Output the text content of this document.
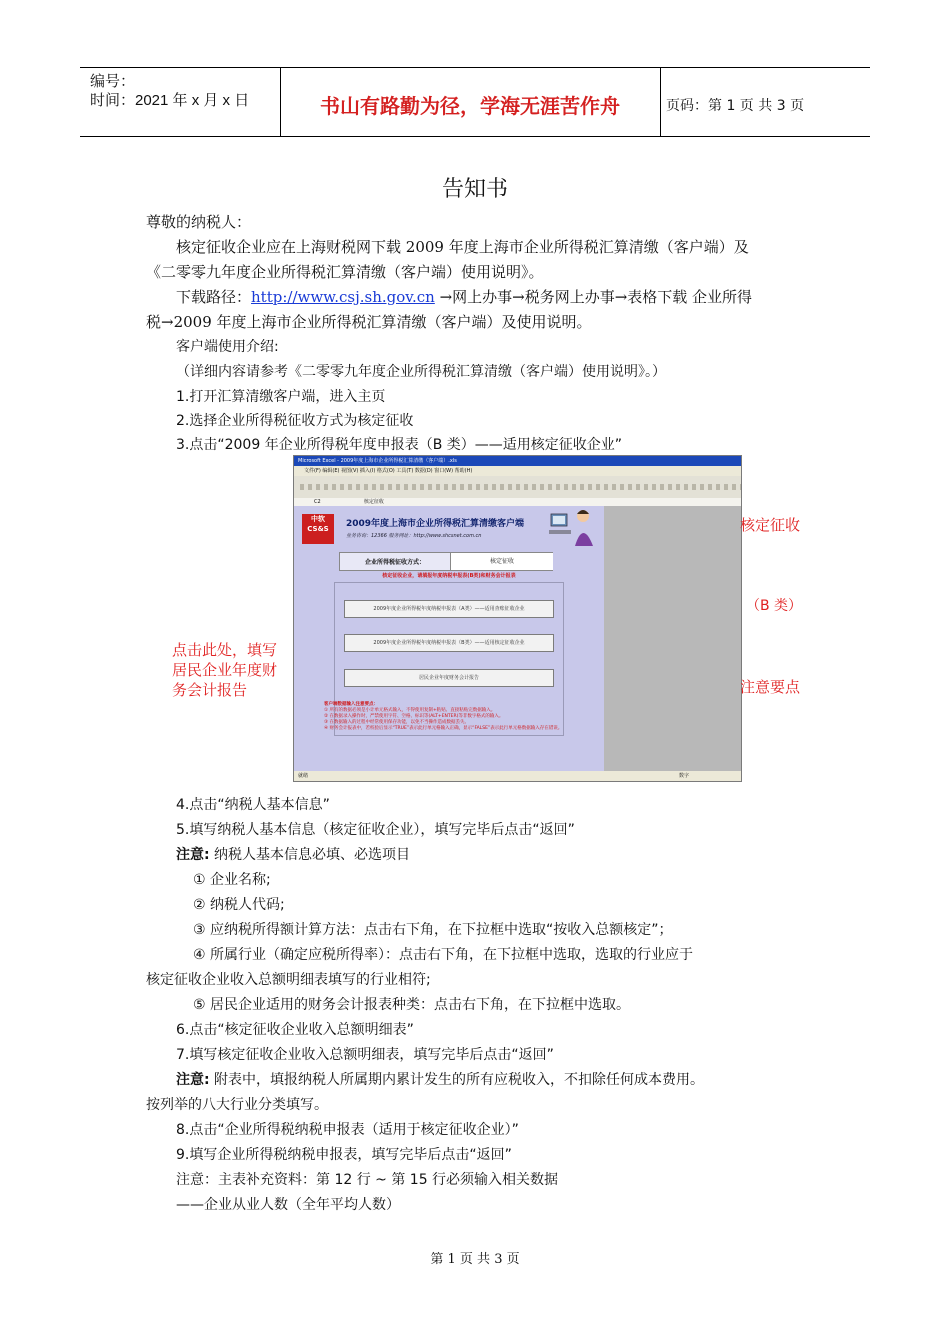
编号：
时间：2021 年 x 月 x 日	书山有路勤为径，学海无涯苦作舟	页码：第 1 页 共 3 页
告知书
尊敬的纳税人：
核定征收企业应在上海财税网下载 2009 年度上海市企业所得税汇算清缴（客户端）及
《二零零九年度企业所得税汇算清缴（客户端）使用说明》。
下载路径：http://www.csj.sh.gov.cn →网上办事→税务网上办事→表格下载 企业所得
税→2009 年度上海市企业所得税汇算清缴（客户端）及使用说明。
客户端使用介绍:
（详细内容请参考《二零零九年度企业所得税汇算清缴（客户端）使用说明》。）
1.打开汇算清缴客户端，进入主页
2.选择企业所得税征收方式为核定征收
3.点击“2009 年企业所得税年度申报表（B 类）——适用核定征收企业”
Microsoft Excel - 2009年度上海市企业所得税汇算清缴（客户端）.xls
文件(F) 编辑(E) 视图(V) 插入(I) 格式(O) 工具(T) 数据(D) 窗口(W) 帮助(H)
C2	核定征收
中软
CS&S	2009年度上海市企业所得税汇算清缴客户端
业务咨询：12366 服务网址：http://www.shcsnet.com.cn
企业所得税征收方式：	核定征收
核定征收企业，请填报年度纳税申报表(B类)和财务会计报表
2009年度企业所得税年度纳税申报表（A类）——适用查账征收企业
2009年度企业所得税年度纳税申报表（B类）——适用核定征收企业
居民企业年度财务会计报告
客户端数据输入注意要点：
① 所有的数据必须是小计单元格式输入，不得使用复制+粘贴、直接粘贴完数据输入。
② 在数据录入操作时，严禁使用字符、空格、标识等(ALT+ENTER)等非数字格式的输入。
③ 在数据输入的过程中经常使用保存功能，以免不当操作造成数据丢失。
④ 财务会计报表中，若校验后显示“TRUE”表示此行单元格输入正确，显示“FALSE”表示此行单元格数据输入存在错误。
就绪	数字
点击此处，填写
居民企业年度财
务会计报告
核定征收
（B 类）
注意要点
4.点击“纳税人基本信息”
5.填写纳税人基本信息（核定征收企业），填写完毕后点击“返回”
注意: 纳税人基本信息必填、必选项目
① 企业名称;
② 纳税人代码;
③ 应纳税所得额计算方法：点击右下角，在下拉框中选取“按收入总额核定”；
④ 所属行业（确定应税所得率）：点击右下角，在下拉框中选取，选取的行业应于
核定征收企业收入总额明细表填写的行业相符;
⑤ 居民企业适用的财务会计报表种类：点击右下角，在下拉框中选取。
6.点击“核定征收企业收入总额明细表”
7.填写核定征收企业收入总额明细表，填写完毕后点击“返回”
注意: 附表中，填报纳税人所属期内累计发生的所有应税收入，不扣除任何成本费用。
按列举的八大行业分类填写。
8.点击“企业所得税纳税申报表（适用于核定征收企业）”
9.填写企业所得税纳税申报表，填写完毕后点击“返回”
注意：主表补充资料：第 12 行 ~ 第 15 行必须输入相关数据
——企业从业人数（全年平均人数）
第 1 页 共 3 页
